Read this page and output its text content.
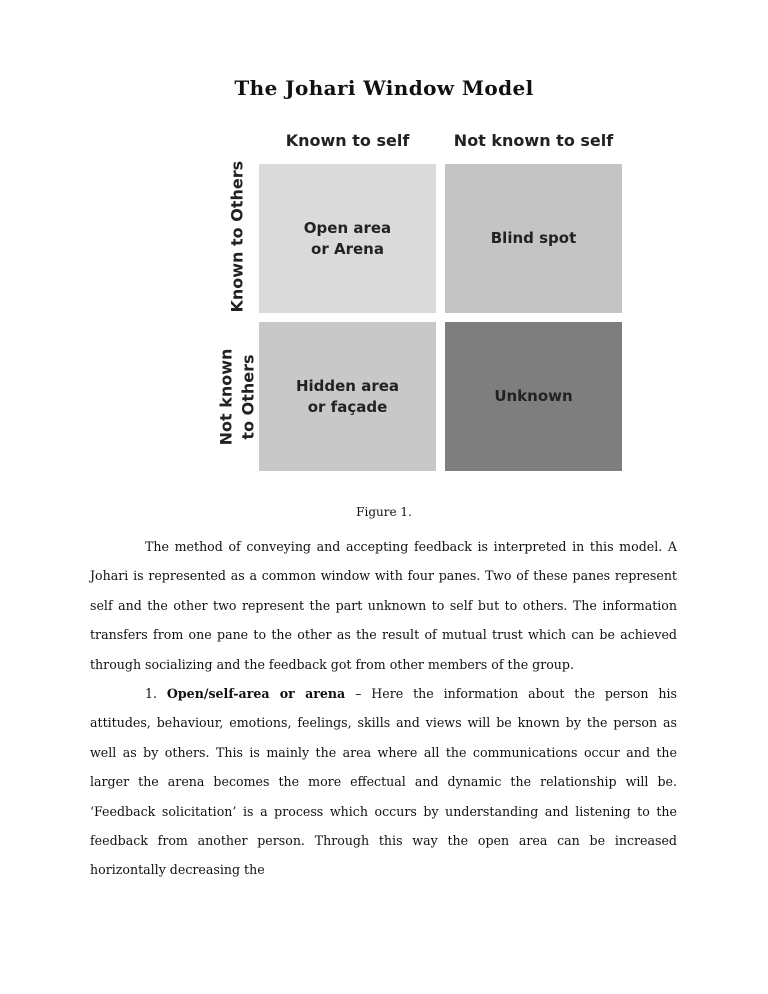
The Johari Window Model
Known to self	Not known to self
Known to Others
Not known
to Others
Open area
or Arena
Blind spot
Hidden area
or façade
Unknown
Figure 1.

The method of conveying and accepting feedback is interpreted in this model. A Johari is represented as a common window with four panes. Two of these panes represent self and the other two represent the part unknown to self but to others. The information transfers from one pane to the other as the result of mutual trust which can be achieved through socializing and the feedback got from other members of the group.

1. Open/self-area or arena – Here the information about the person his attitudes, behaviour, emotions, feelings, skills and views will be known by the person as well as by others. This is mainly the area where all the communications occur and the larger the arena becomes the more effectual and dynamic the relationship will be. ‘Feedback solicitation’ is a process which occurs by understanding and listening to the feedback from another person. Through this way the open area can be increased horizontally decreasing the
